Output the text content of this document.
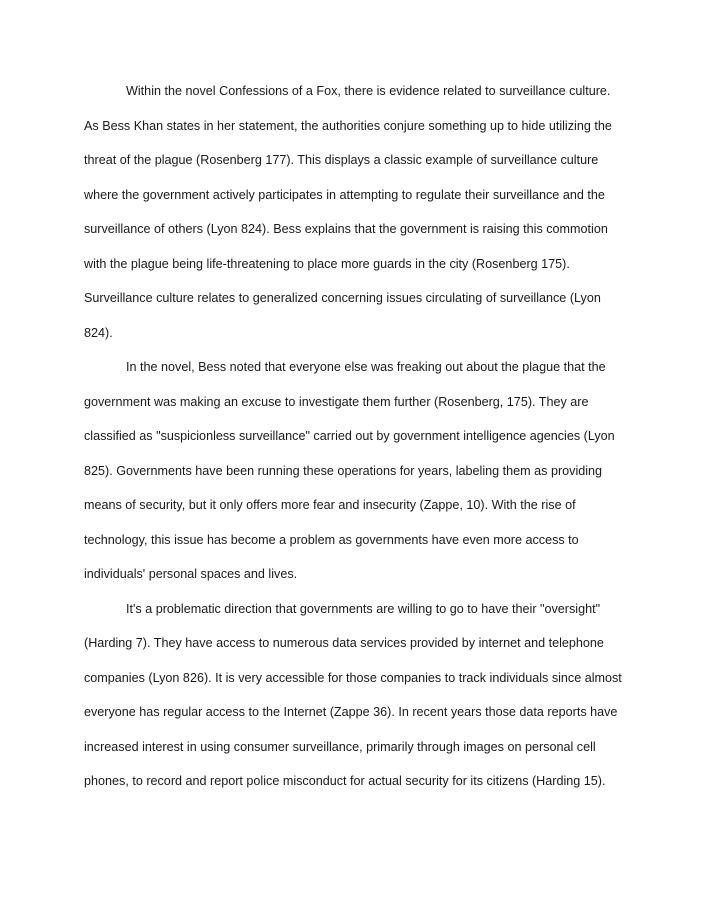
Within the novel Confessions of a Fox, there is evidence related to surveillance culture.
As Bess Khan states in her statement, the authorities conjure something up to hide utilizing the
threat of the plague (Rosenberg 177). This displays a classic example of surveillance culture
where the government actively participates in attempting to regulate their surveillance and the
surveillance of others (Lyon 824). Bess explains that the government is raising this commotion
with the plague being life-threatening to place more guards in the city (Rosenberg 175).
Surveillance culture relates to generalized concerning issues circulating of surveillance (Lyon
824).
In the novel, Bess noted that everyone else was freaking out about the plague that the
government was making an excuse to investigate them further (Rosenberg, 175). They are
classified as "suspicionless surveillance" carried out by government intelligence agencies (Lyon
825). Governments have been running these operations for years, labeling them as providing
means of security, but it only offers more fear and insecurity (Zappe, 10). With the rise of
technology, this issue has become a problem as governments have even more access to
individuals' personal spaces and lives.
It's a problematic direction that governments are willing to go to have their "oversight"
(Harding 7). They have access to numerous data services provided by internet and telephone
companies (Lyon 826). It is very accessible for those companies to track individuals since almost
everyone has regular access to the Internet (Zappe 36). In recent years those data reports have
increased interest in using consumer surveillance, primarily through images on personal cell
phones, to record and report police misconduct for actual security for its citizens (Harding 15).
